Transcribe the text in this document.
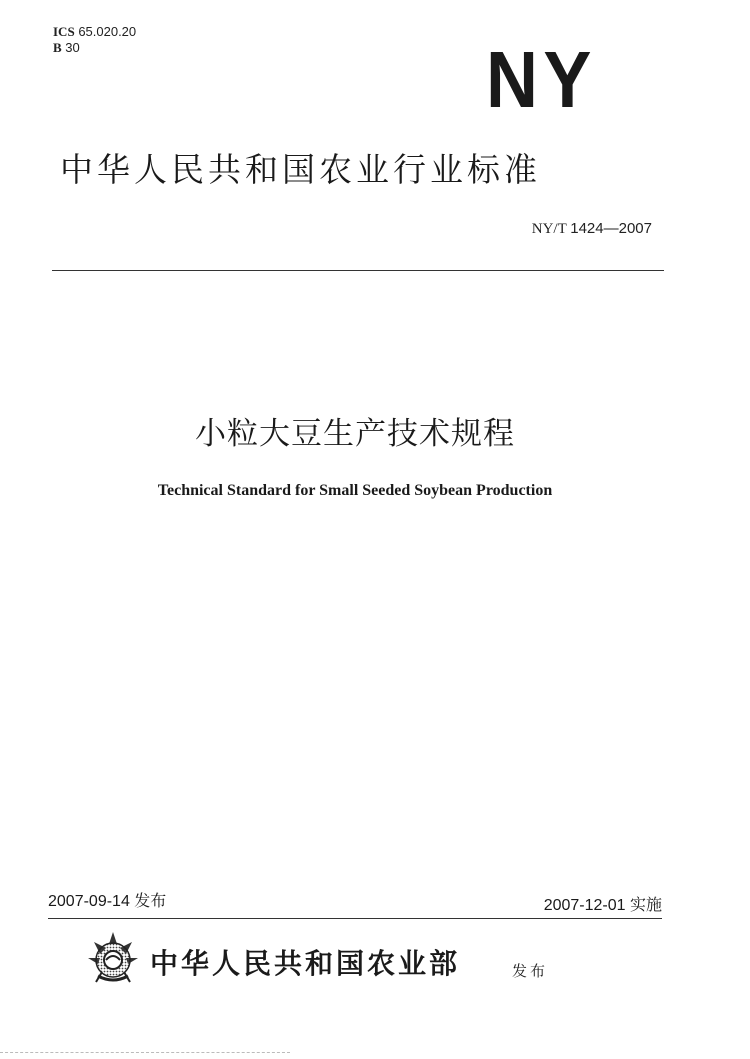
ICS 65.020.20
B 30	NY
中华人民共和国农业行业标准
NY/T 1424—2007
小粒大豆生产技术规程
Technical Standard for Small Seeded Soybean Production
2007-09-14 发布	2007-12-01 实施
中华人民共和国农业部	发布
